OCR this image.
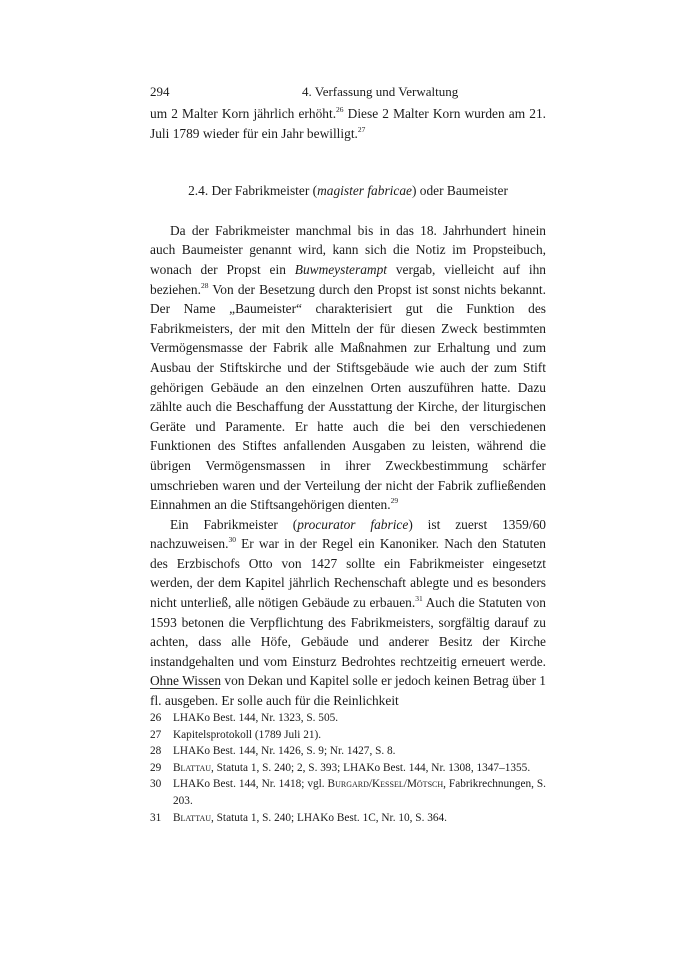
294	4. Verfassung und Verwaltung

um 2 Malter Korn jährlich erhöht.$^{26}$ Diese 2 Malter Korn wurden am 21. Juli 1789 wieder für ein Jahr bewilligt.$^{27}$

2.4. Der Fabrikmeister (magister fabricae) oder Baumeister

Da der Fabrikmeister manchmal bis in das 18. Jahrhundert hinein auch Baumeister genannt wird, kann sich die Notiz im Propsteibuch, wonach der Propst ein Buwmeysterampt vergab, vielleicht auf ihn beziehen.$^{28}$ Von der Besetzung durch den Propst ist sonst nichts bekannt. Der Name „Baumeister“ charakterisiert gut die Funktion des Fabrikmeisters, der mit den Mitteln der für diesen Zweck bestimmten Vermögensmasse der Fabrik alle Maßnahmen zur Erhaltung und zum Ausbau der Stiftskirche und der Stiftsgebäude wie auch der zum Stift gehörigen Gebäude an den einzelnen Orten auszuführen hatte. Dazu zählte auch die Beschaffung der Ausstattung der Kirche, der liturgischen Geräte und Paramente. Er hatte auch die bei den verschiedenen Funktionen des Stiftes anfallenden Ausgaben zu leisten, während die übrigen Vermögensmassen in ihrer Zweckbestimmung schärfer umschrieben waren und der Verteilung der nicht der Fabrik zufließenden Einnahmen an die Stiftsangehörigen dienten.$^{29}$

Ein Fabrikmeister (procurator fabrice) ist zuerst 1359/60 nachzuweisen.$^{30}$ Er war in der Regel ein Kanoniker. Nach den Statuten des Erzbischofs Otto von 1427 sollte ein Fabrikmeister eingesetzt werden, der dem Kapitel jährlich Rechenschaft ablegte und es besonders nicht unterließ, alle nötigen Gebäude zu erbauen.$^{31}$ Auch die Statuten von 1593 betonen die Verpflichtung des Fabrikmeisters, sorgfältig darauf zu achten, dass alle Höfe, Gebäude und anderer Besitz der Kirche instandgehalten und vom Einsturz Bedrohtes rechtzeitig erneuert werde. Ohne Wissen von Dekan und Kapitel solle er jedoch keinen Betrag über 1 fl. ausgeben. Er solle auch für die Reinlichkeit

26	LHAKo Best. 144, Nr. 1323, S. 505.

27	Kapitelsprotokoll (1789 Juli 21).

28	LHAKo Best. 144, Nr. 1426, S. 9; Nr. 1427, S. 8.

29	Blattau, Statuta 1, S. 240; 2, S. 393; LHAKo Best. 144, Nr. 1308, 1347–1355.

30	LHAKo Best. 144, Nr. 1418; vgl. Burgard/Kessel/Mötsch, Fabrikrechnungen, S. 203.

31	Blattau, Statuta 1, S. 240; LHAKo Best. 1C, Nr. 10, S. 364.
